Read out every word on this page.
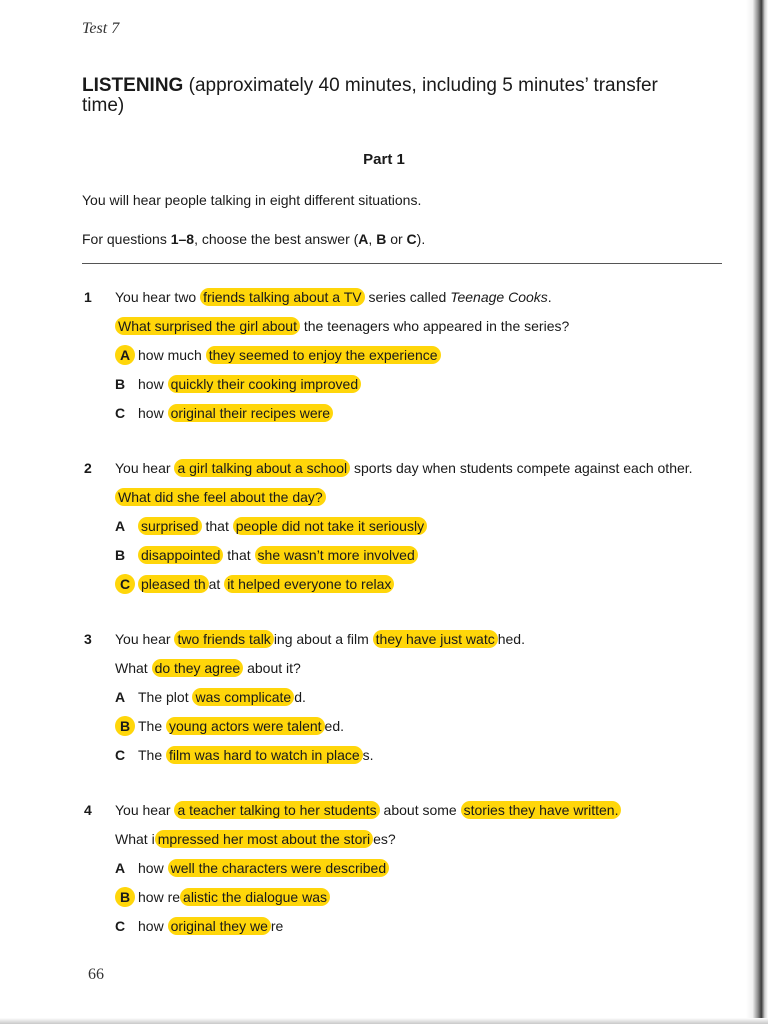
Test 7
LISTENING (approximately 40 minutes, including 5 minutes’ transfer time)
Part 1
You will hear people talking in eight different situations.
For questions 1–8, choose the best answer (A, B or C).
1 You hear two friends talking about a TV series called Teenage Cooks.
What surprised the girl about the teenagers who appeared in the series?
A how much they seemed to enjoy the experience
B how quickly their cooking improved
C how original their recipes were
2 You hear a girl talking about a school sports day when students compete against each other.
What did she feel about the day?
A surprised that people did not take it seriously
B disappointed that she wasn’t more involved
C pleased th at it helped everyone to relax
3 You hear two friends talk ing about a film they have just watc hed.
What do they agree about it?
A The plot was complicate d.
B The young actors were talent ed.
C The film was hard to watch in place s.
4 You hear a teacher talking to her students about some stories they have written.
What i mpressed her most about the stori es?
A how well the characters were described
B how re alistic the dialogue was
C how original they we re
66
